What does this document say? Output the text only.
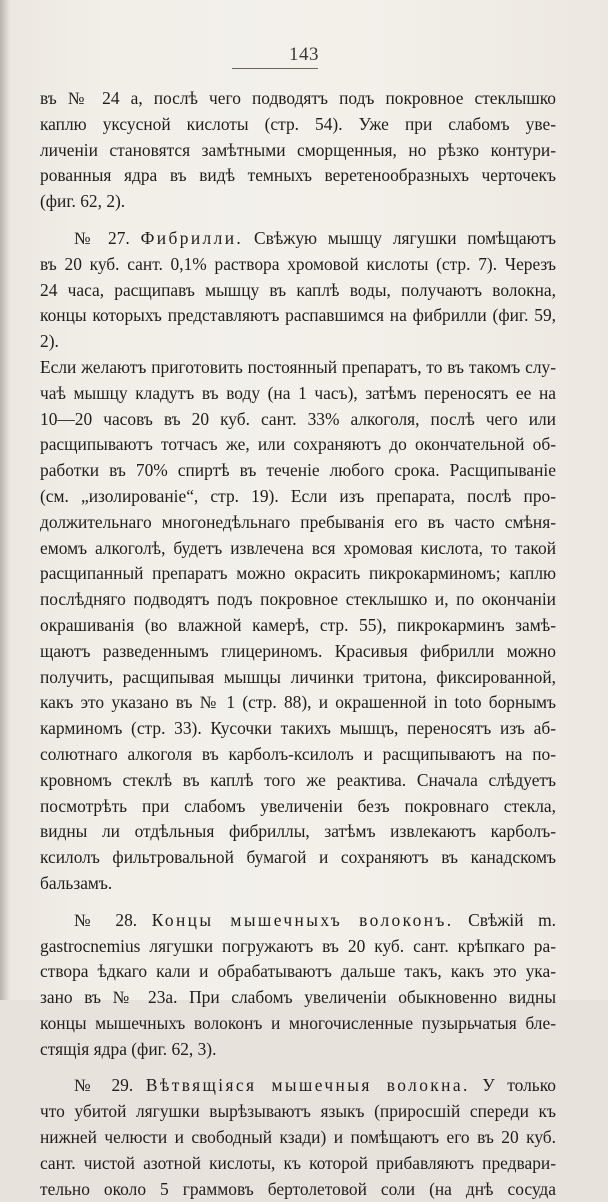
143

въ № 24 а, послѣ чего подводятъ подъ покровное стеклышко

каплю уксусной кислоты (стр. 54). Уже при слабомъ уве-

личеніи становятся замѣтными сморщенныя, но рѣзко контури-

рованныя ядра въ видѣ темныхъ веретенообразныхъ черточекъ

(фиг. 62, 2).

№ 27. Фибрилли. Свѣжую мышцу лягушки помѣщаютъ

въ 20 куб. сант. 0,1% раствора хромовой кислоты (стр. 7). Черезъ

24 часа, расщипавъ мышцу въ каплѣ воды, получаютъ волокна,

концы которыхъ представляютъ распавшимся на фибрилли (фиг. 59, 2).

Если желаютъ приготовить постоянный препаратъ, то въ такомъ слу-

чаѣ мышцу кладутъ въ воду (на 1 часъ), затѣмъ переносятъ ее на

10—20 часовъ въ 20 куб. сант. 33% алкоголя, послѣ чего или

расщипываютъ тотчасъ же, или сохраняютъ до окончательной об-

работки въ 70% спиртѣ въ теченіе любого срока. Расщипываніе

(см. „изолированіе“, стр. 19). Если изъ препарата, послѣ про-

должительнаго многонедѣльнаго пребыванія его въ часто смѣня-

емомъ алкоголѣ, будетъ извлечена вся хромовая кислота, то такой

расщипанный препаратъ можно окрасить пикрокарминомъ; каплю

послѣдняго подводятъ подъ покровное стеклышко и, по окончаніи

окрашиванія (во влажной камерѣ, стр. 55), пикрокарминъ замѣ-

щаютъ разведеннымъ глицериномъ. Красивыя фибрилли можно

получить, расщипывая мышцы личинки тритона, фиксированной,

какъ это указано въ № 1 (стр. 88), и окрашенной in toto борнымъ

карминомъ (стр. 33). Кусочки такихъ мышцъ, переносятъ изъ аб-

солютнаго алкоголя въ карболъ-ксилолъ и расщипываютъ на по-

кровномъ стеклѣ въ каплѣ того же реактива. Сначала слѣдуетъ

посмотрѣть при слабомъ увеличеніи безъ покровнаго стекла,

видны ли отдѣльныя фибриллы, затѣмъ извлекаютъ карболъ-

ксилолъ фильтровальной бумагой и сохраняютъ въ канадскомъ

бальзамъ.

№ 28. Концы мышечныхъ волоконъ. Свѣжій m.

gastrocnemius лягушки погружаютъ въ 20 куб. сант. крѣпкаго ра-

створа ѣдкаго кали и обрабатываютъ дальше такъ, какъ это ука-

зано въ № 23а. При слабомъ увеличеніи обыкновенно видны

концы мышечныхъ волоконъ и многочисленные пузырьчатыя бле-

стящія ядра (фиг. 62, 3).

№ 29. Вѣтвящіяся мышечныя волокна. У только

что убитой лягушки вырѣзываютъ языкъ (приросшій спереди къ

нижней челюсти и свободный кзади) и помѣщаютъ его въ 20 куб.

сант. чистой азотной кислоты, къ которой прибавляютъ предвари-

тельно около 5 граммовъ бертолетовой соли (на днѣ сосуда
